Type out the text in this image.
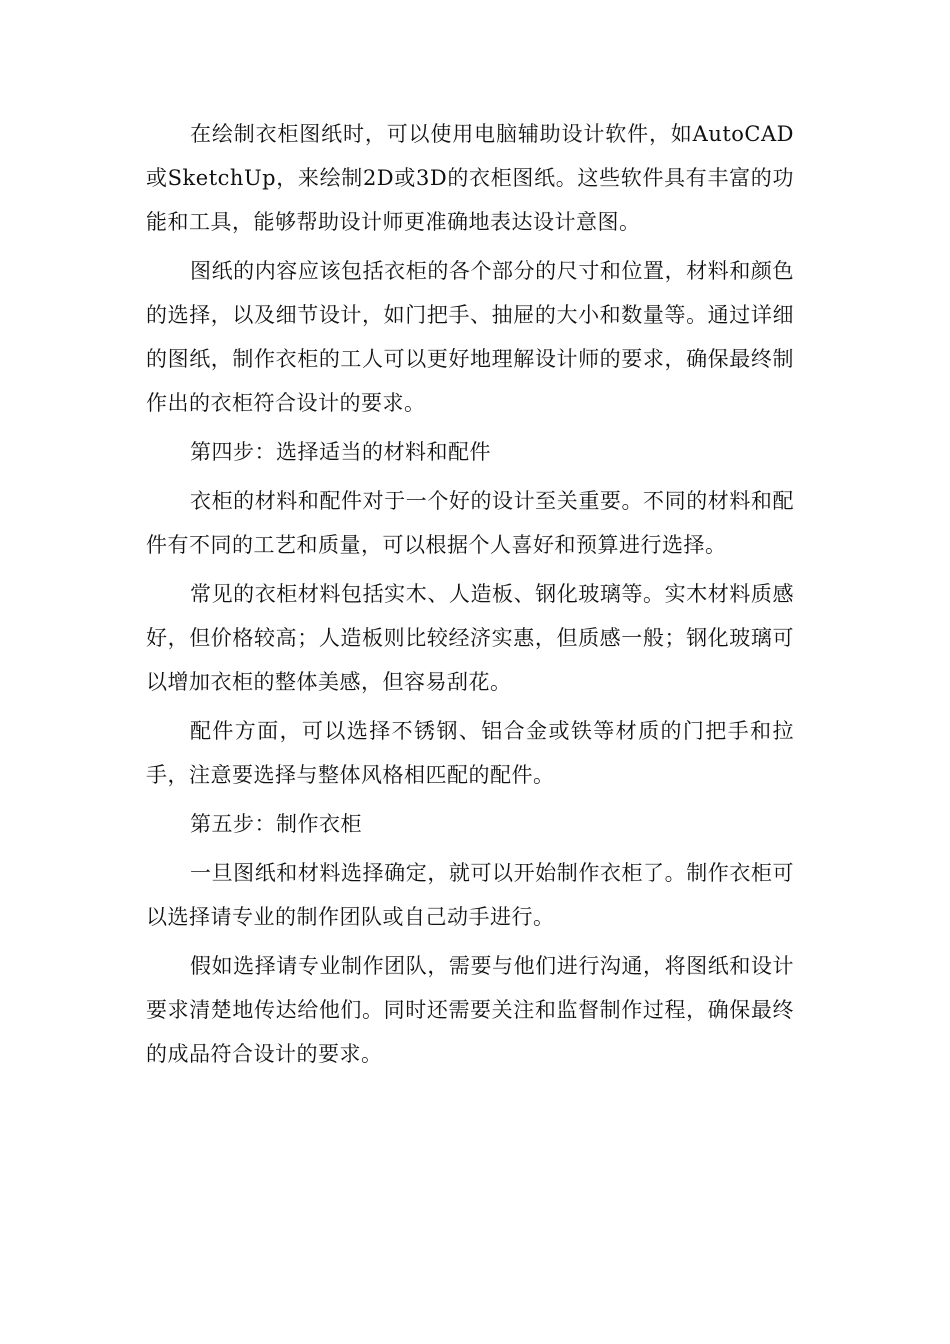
在绘制衣柜图纸时，可以使用电脑辅助设计软件，如AutoCAD或SketchUp，来绘制2D或3D的衣柜图纸。这些软件具有丰富的功能和工具，能够帮助设计师更准确地表达设计意图。

图纸的内容应该包括衣柜的各个部分的尺寸和位置，材料和颜色的选择，以及细节设计，如门把手、抽屉的大小和数量等。通过详细的图纸，制作衣柜的工人可以更好地理解设计师的要求，确保最终制作出的衣柜符合设计的要求。

第四步：选择适当的材料和配件

衣柜的材料和配件对于一个好的设计至关重要。不同的材料和配件有不同的工艺和质量，可以根据个人喜好和预算进行选择。

常见的衣柜材料包括实木、人造板、钢化玻璃等。实木材料质感好，但价格较高；人造板则比较经济实惠，但质感一般；钢化玻璃可以增加衣柜的整体美感，但容易刮花。

配件方面，可以选择不锈钢、铝合金或铁等材质的门把手和拉手，注意要选择与整体风格相匹配的配件。

第五步：制作衣柜

一旦图纸和材料选择确定，就可以开始制作衣柜了。制作衣柜可以选择请专业的制作团队或自己动手进行。

假如选择请专业制作团队，需要与他们进行沟通，将图纸和设计要求清楚地传达给他们。同时还需要关注和监督制作过程，确保最终的成品符合设计的要求。
